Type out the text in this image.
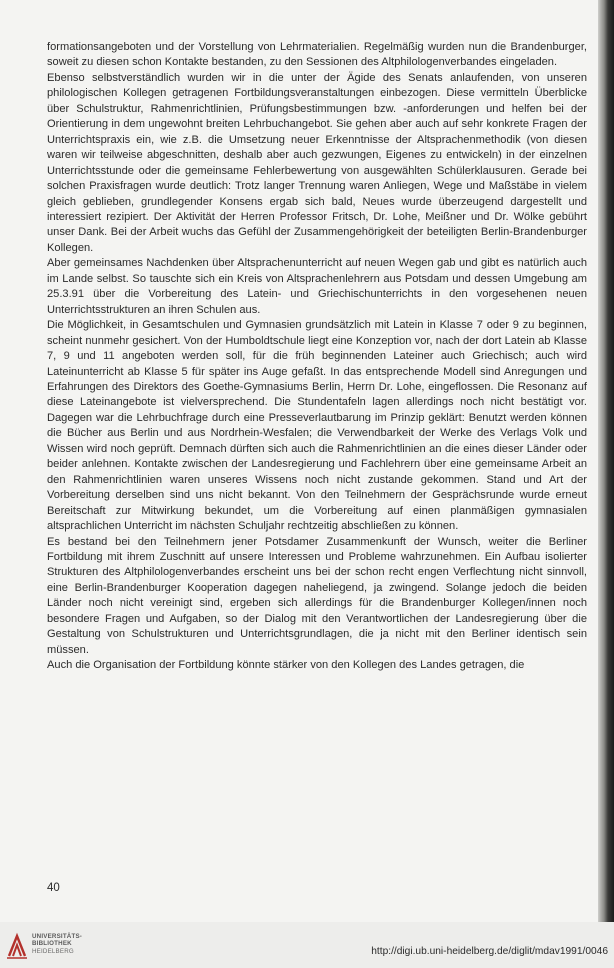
formationsangeboten und der Vorstellung von Lehrmaterialien. Regelmäßig wurden nun die Brandenburger, soweit zu diesen schon Kontakte bestanden, zu den Sessionen des Altphilologenverbandes eingeladen.

Ebenso selbstverständlich wurden wir in die unter der Ägide des Senats anlaufenden, von unseren philologischen Kollegen getragenen Fortbildungsveranstaltungen einbezogen. Diese vermitteln Überblicke über Schulstruktur, Rahmenrichtlinien, Prüfungsbestimmungen bzw. -anforderungen und helfen bei der Orientierung in dem ungewohnt breiten Lehrbuchangebot. Sie gehen aber auch auf sehr konkrete Fragen der Unterrichtspraxis ein, wie z.B. die Umsetzung neuer Erkenntnisse der Altsprachenmethodik (von diesen waren wir teilweise abgeschnitten, deshalb aber auch gezwungen, Eigenes zu entwickeln) in der einzelnen Unterrichtsstunde oder die gemeinsame Fehlerbewertung von ausgewählten Schülerklausuren. Gerade bei solchen Praxisfragen wurde deutlich: Trotz langer Trennung waren Anliegen, Wege und Maßstäbe in vielem gleich geblieben, grundlegender Konsens ergab sich bald, Neues wurde überzeugend dargestellt und interessiert rezipiert. Der Aktivität der Herren Professor Fritsch, Dr. Lohe, Meißner und Dr. Wölke gebührt unser Dank. Bei der Arbeit wuchs das Gefühl der Zusammengehörigkeit der beteiligten Berlin-Brandenburger Kollegen.

Aber gemeinsames Nachdenken über Altsprachenunterricht auf neuen Wegen gab und gibt es natürlich auch im Lande selbst. So tauschte sich ein Kreis von Altsprachenlehrern aus Potsdam und dessen Umgebung am 25.3.91 über die Vorbereitung des Latein- und Griechischunterrichts in den vorgesehenen neuen Unterrichtsstrukturen an ihren Schulen aus.

Die Möglichkeit, in Gesamtschulen und Gymnasien grundsätzlich mit Latein in Klasse 7 oder 9 zu beginnen, scheint nunmehr gesichert. Von der Humboldtschule liegt eine Konzeption vor, nach der dort Latein ab Klasse 7, 9 und 11 angeboten werden soll, für die früh beginnenden Lateiner auch Griechisch; auch wird Lateinunterricht ab Klasse 5 für später ins Auge gefaßt. In das entsprechende Modell sind Anregungen und Erfahrungen des Direktors des Goethe-Gymnasiums Berlin, Herrn Dr. Lohe, eingeflossen. Die Resonanz auf diese Lateinangebote ist vielversprechend. Die Stundentafeln lagen allerdings noch nicht bestätigt vor. Dagegen war die Lehrbuchfrage durch eine Presseverlautbarung im Prinzip geklärt: Benutzt werden können die Bücher aus Berlin und aus Nordrhein-Wesfalen; die Verwendbarkeit der Werke des Verlags Volk und Wissen wird noch geprüft. Demnach dürften sich auch die Rahmenrichtlinien an die eines dieser Länder oder beider anlehnen. Kontakte zwischen der Landesregierung und Fachlehrern über eine gemeinsame Arbeit an den Rahmenrichtlinien waren unseres Wissens noch nicht zustande gekommen. Stand und Art der Vorbereitung derselben sind uns nicht bekannt. Von den Teilnehmern der Gesprächsrunde wurde erneut Bereitschaft zur Mitwirkung bekundet, um die Vorbereitung auf einen planmäßigen gymnasialen altsprachlichen Unterricht im nächsten Schuljahr rechtzeitig abschließen zu können.

Es bestand bei den Teilnehmern jener Potsdamer Zusammenkunft der Wunsch, weiter die Berliner Fortbildung mit ihrem Zuschnitt auf unsere Interessen und Probleme wahrzunehmen. Ein Aufbau isolierter Strukturen des Altphilologenverbandes erscheint uns bei der schon recht engen Verflechtung nicht sinnvoll, eine Berlin-Brandenburger Kooperation dagegen naheliegend, ja zwingend. Solange jedoch die beiden Länder noch nicht vereinigt sind, ergeben sich allerdings für die Brandenburger Kollegen/innen noch besondere Fragen und Aufgaben, so der Dialog mit den Verantwortlichen der Landesregierung über die Gestaltung von Schulstrukturen und Unterrichtsgrundlagen, die ja nicht mit den Berliner identisch sein müssen.

Auch die Organisation der Fortbildung könnte stärker von den Kollegen des Landes getragen, die

40
UNIVERSITÄTS-
BIBLIOTHEK
HEIDELBERG	http://digi.ub.uni-heidelberg.de/diglit/mdav1991/0046
